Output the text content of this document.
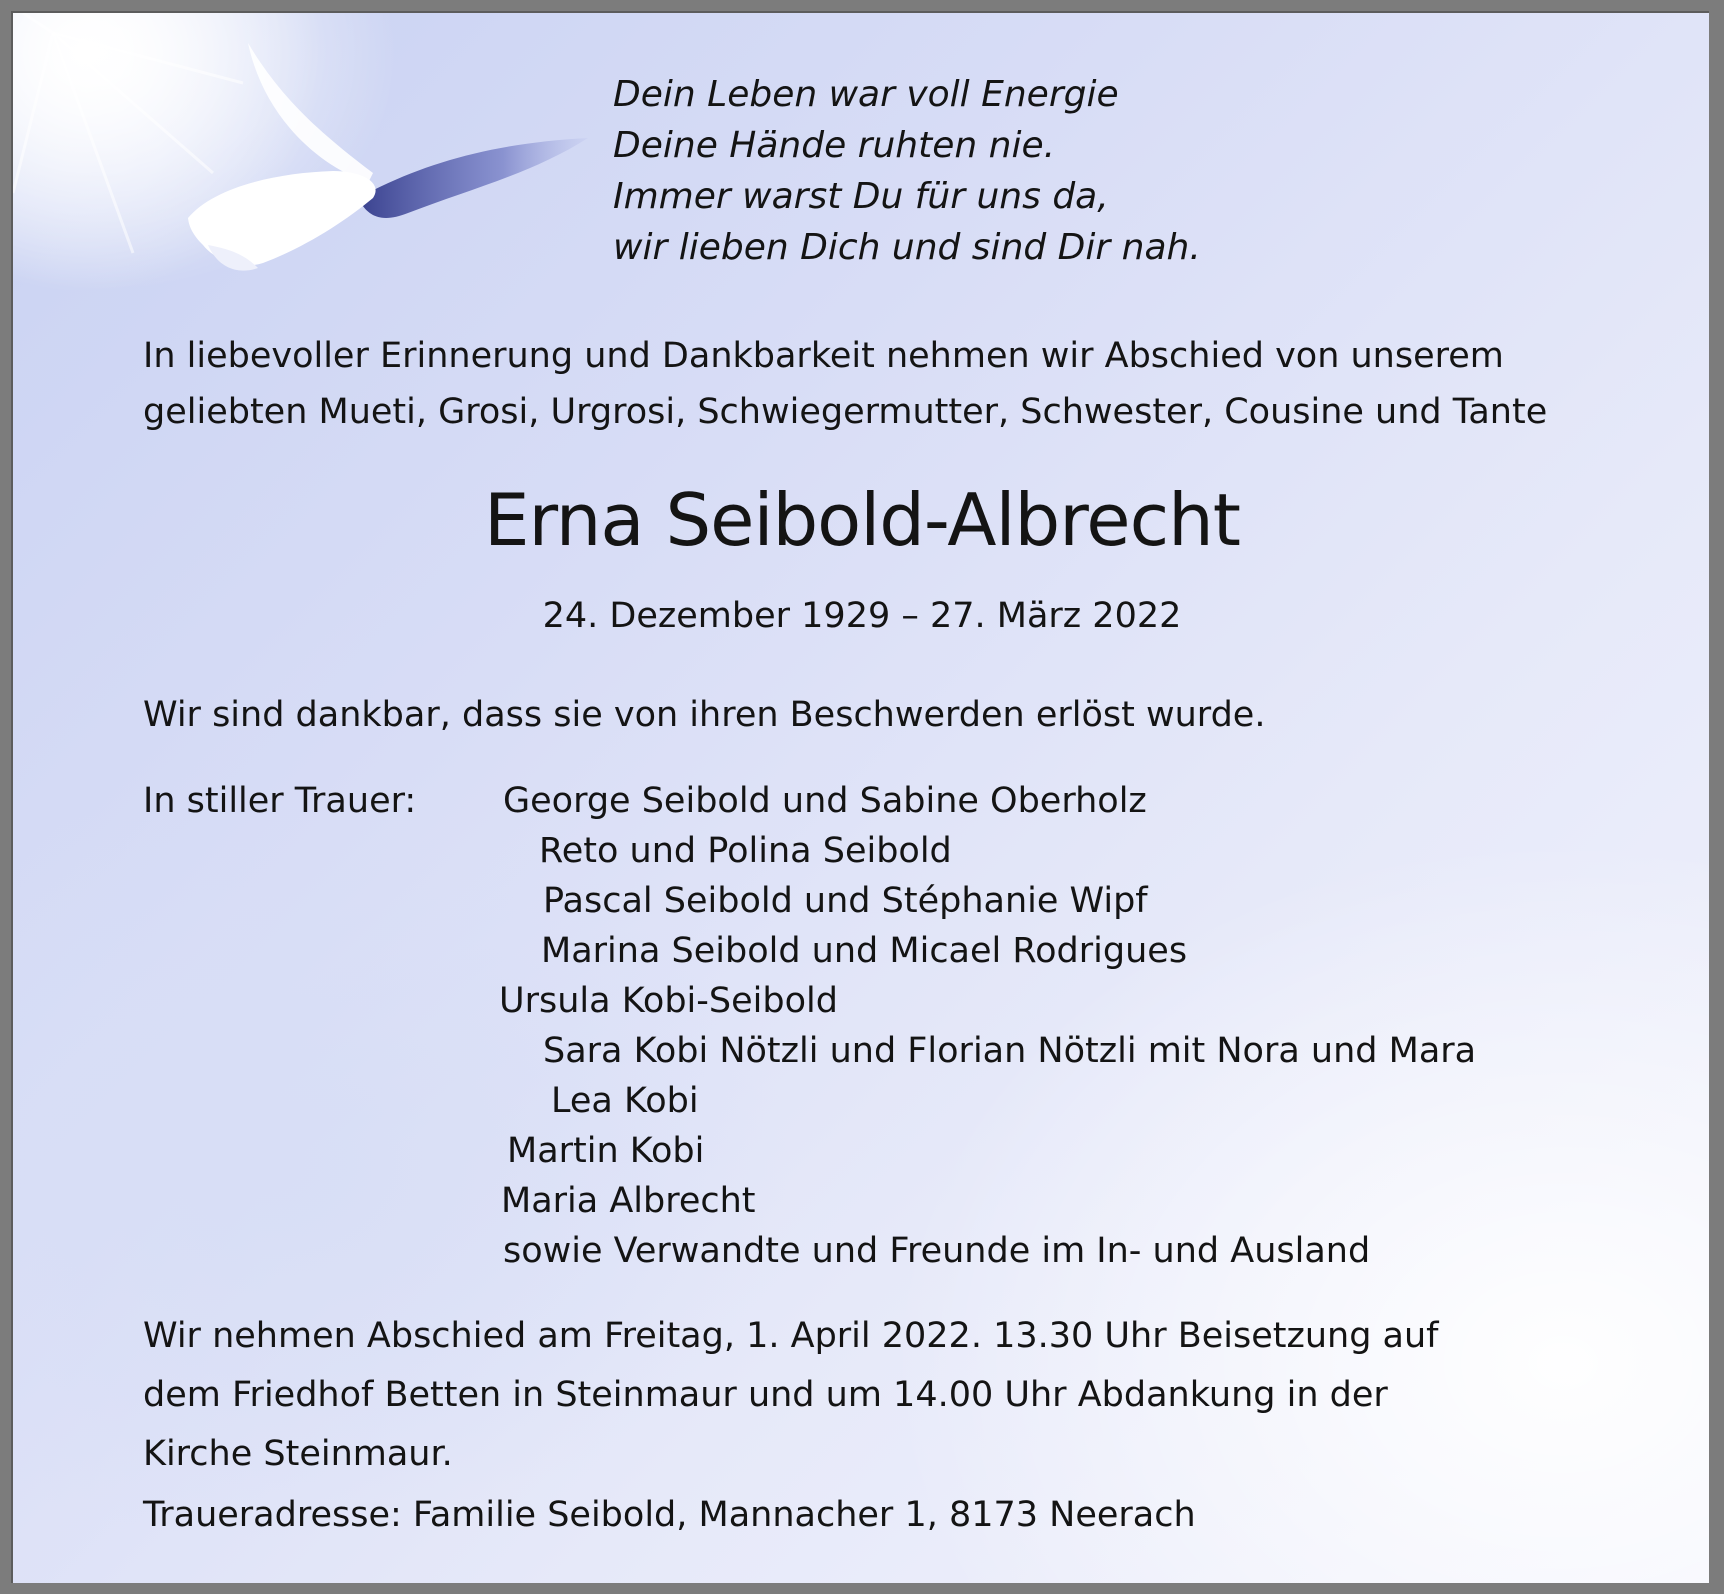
Dein Leben war voll Energie
Deine Hände ruhten nie.
Immer warst Du für uns da,
wir lieben Dich und sind Dir nah.
In liebevoller Erinnerung und Dankbarkeit nehmen wir Abschied von unserem
geliebten Mueti, Grosi, Urgrosi, Schwiegermutter, Schwester, Cousine und Tante
Erna Seibold-Albrecht
24. Dezember 1929 – 27. März 2022
Wir sind dankbar, dass sie von ihren Beschwerden erlöst wurde.
In stiller Trauer: George Seibold und Sabine Oberholz
Reto und Polina Seibold
Pascal Seibold und Stéphanie Wipf
Marina Seibold und Micael Rodrigues
Ursula Kobi-Seibold
Sara Kobi Nötzli und Florian Nötzli mit Nora und Mara
Lea Kobi
Martin Kobi
Maria Albrecht
sowie Verwandte und Freunde im In- und Ausland
Wir nehmen Abschied am Freitag, 1. April 2022. 13.30 Uhr Beisetzung auf
dem Friedhof Betten in Steinmaur und um 14.00 Uhr Abdankung in der
Kirche Steinmaur.
Traueradresse: Familie Seibold, Mannacher 1, 8173 Neerach
